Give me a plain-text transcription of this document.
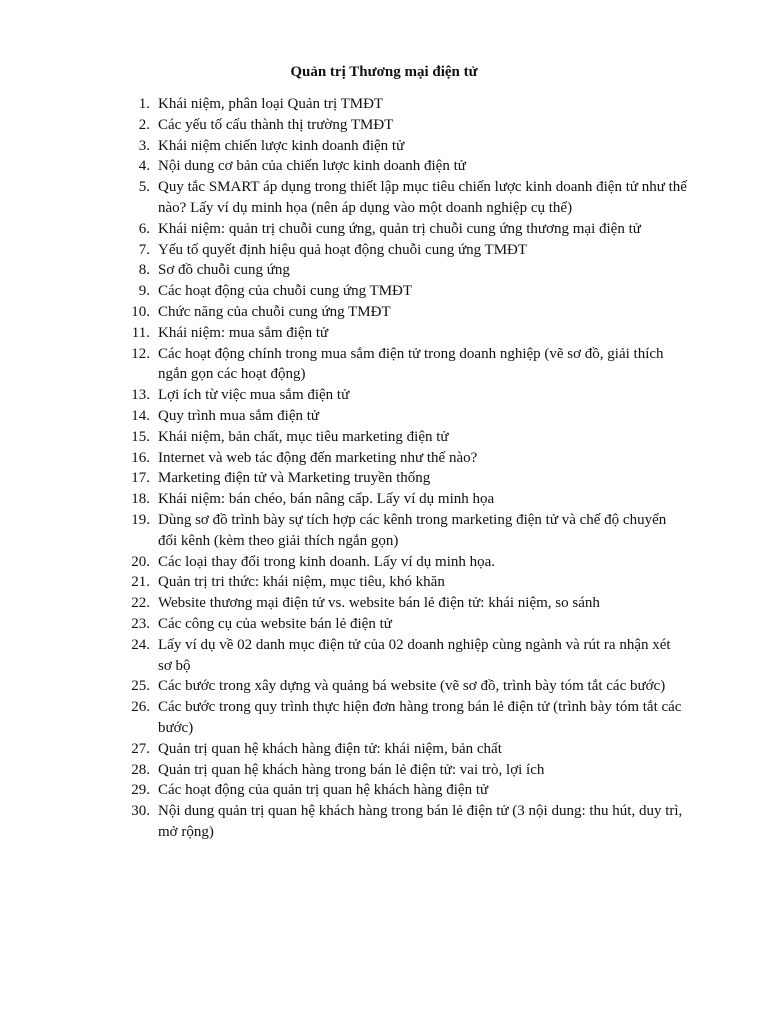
Quản trị Thương mại điện tử
1. Khái niệm, phân loại Quản trị TMĐT
2. Các yếu tố cấu thành thị trường TMĐT
3. Khái niệm chiến lược kinh doanh điện tử
4. Nội dung cơ bản của chiến lược kinh doanh điện tử
5. Quy tắc SMART áp dụng trong thiết lập mục tiêu chiến lược kinh doanh điện tử như thế nào? Lấy ví dụ minh họa (nên áp dụng vào một doanh nghiệp cụ thể)
6. Khái niệm: quản trị chuỗi cung ứng, quản trị chuỗi cung ứng thương mại điện tử
7. Yếu tố quyết định hiệu quả hoạt động chuỗi cung ứng TMĐT
8. Sơ đồ chuỗi cung ứng
9. Các hoạt động của chuỗi cung ứng TMĐT
10. Chức năng của chuỗi cung ứng TMĐT
11. Khái niệm: mua sắm điện tử
12. Các hoạt động chính trong mua sắm điện tử trong doanh nghiệp (vẽ sơ đồ, giải thích ngắn gọn các hoạt động)
13. Lợi ích từ việc mua sắm điện tử
14. Quy trình mua sắm điện tử
15. Khái niệm, bản chất, mục tiêu marketing điện tử
16. Internet và web tác động đến marketing như thế nào?
17. Marketing điện tử và Marketing truyền thống
18. Khái niệm: bán chéo, bán nâng cấp. Lấy ví dụ minh họa
19. Dùng sơ đồ trình bày sự tích hợp các kênh trong marketing điện tử và chế độ chuyển đổi kênh (kèm theo giải thích ngắn gọn)
20. Các loại thay đổi trong kinh doanh. Lấy ví dụ minh họa.
21. Quản trị tri thức: khái niệm, mục tiêu, khó khăn
22. Website thương mại điện tử vs. website bán lẻ điện tử: khái niệm, so sánh
23. Các công cụ của website bán lẻ điện tử
24. Lấy ví dụ về 02 danh mục điện tử của 02 doanh nghiệp cùng ngành và rút ra nhận xét sơ bộ
25. Các bước trong xây dựng và quảng bá website (vẽ sơ đồ, trình bày tóm tắt các bước)
26. Các bước trong quy trình thực hiện đơn hàng trong bán lẻ điện tử (trình bày tóm tắt các bước)
27. Quản trị quan hệ khách hàng điện tử: khái niệm, bản chất
28. Quản trị quan hệ khách hàng trong bán lẻ điện tử: vai trò, lợi ích
29. Các hoạt động của quản trị quan hệ khách hàng điện tử
30. Nội dung quản trị quan hệ khách hàng trong bán lẻ điện tử (3 nội dung: thu hút, duy trì, mở rộng)
